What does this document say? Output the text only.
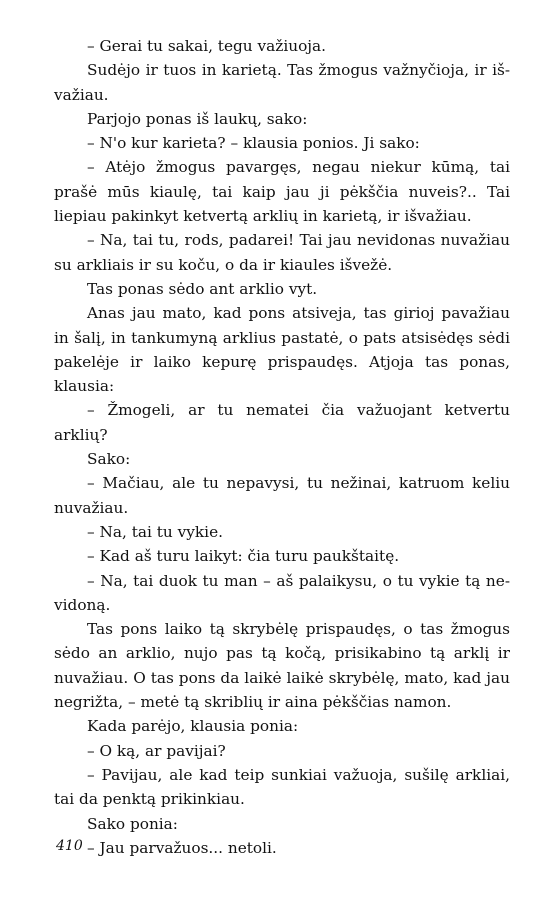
– Gerai tu sakai, tegu važiuoja.

Sudėjo ir tuos in karietą. Tas žmogus važnyčioja, ir išvažiau.

Parjojo ponas iš laukų, sako:

– N'o kur karieta? – klausia ponios. Ji sako:

– Atėjo žmogus pavargęs, negau niekur kūmą, tai prašė mūs kiaulę, tai kaip jau ji pėkščia nuveis?.. Tai liepiau pakinkyt ketvertą arklių in karietą, ir išvažiau.

– Na, tai tu, rods, padarei! Tai jau nevidonas nuvažiau su arkliais ir su koču, o da ir kiaules išvežė.

Tas ponas sėdo ant arklio vyt.

Anas jau mato, kad pons atsiveja, tas girioj pavažiau in šalį, in tankumyną arklius pastatė, o pats atsisėdęs sėdi pakelėje ir laiko kepurę prispaudęs. Atjoja tas ponas, klausia:

– Žmogeli, ar tu nematei čia važuojant ketvertu arklių?

Sako:

– Mačiau, ale tu nepavysi, tu nežinai, katruom keliu nuvažiau.

– Na, tai tu vykie.

– Kad aš turu laikyt: čia turu paukštaitę.

– Na, tai duok tu man – aš palaikysu, o tu vykie tą nevidoną.

Tas pons laiko tą skrybėlę prispaudęs, o tas žmogus sėdo an arklio, nujo pas tą kočą, prisikabino tą arklį ir nuvažiau. O tas pons da laikė laikė skrybėlę, mato, kad jau negrižta, – metė tą skriblių ir aina pėkščias namon.

Kada parėjo, klausia ponia:

– O ką, ar pavijai?

– Pavijau, ale kad teip sunkiai važuoja, sušilę arkliai, tai da penktą prikinkiau.

Sako ponia:

– Jau parvažuos... netoli.

410
